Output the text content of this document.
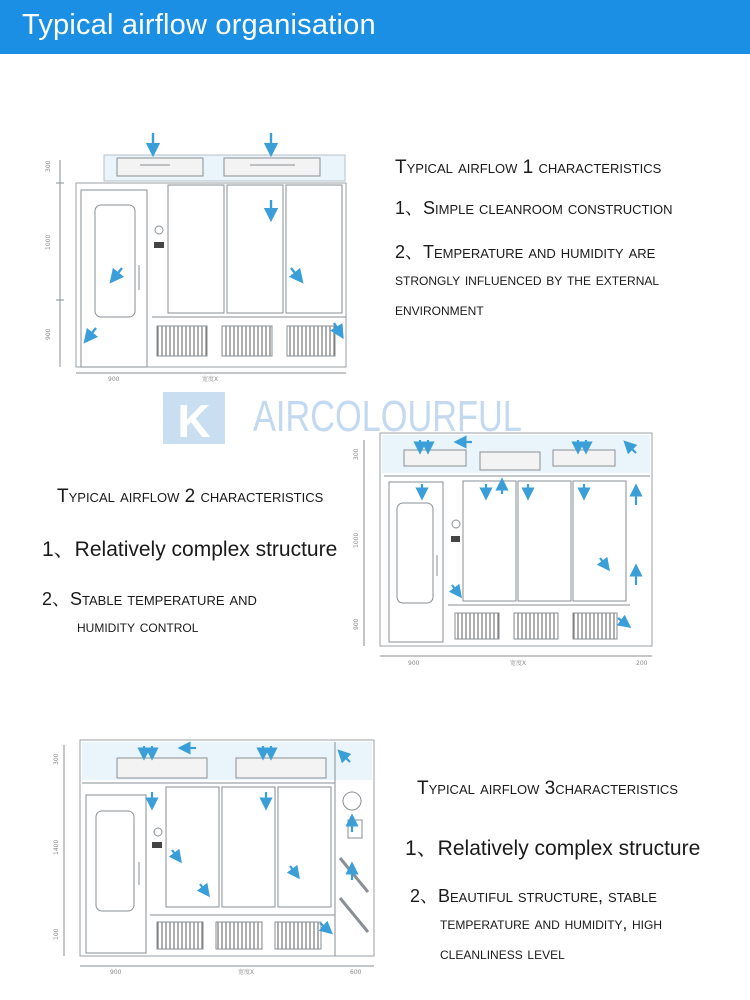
Typical airflow organisation
300
1000
900
900	宽度X
300
1000
900
900	宽度X	200
300
1400
100
900	宽度X	600
K AIRCOLOURFUL
Typical airflow 1 characteristics
1、Simple cleanroom construction
2、Temperature and humidity are
strongly influenced by the external
environment
Typical airflow 2 characteristics
1、Relatively complex structure
2、Stable temperature and
humidity control
Typical airflow 3characteristics
1、Relatively complex structure
2、Beautiful structure, stable
temperature and humidity, high
cleanliness level
